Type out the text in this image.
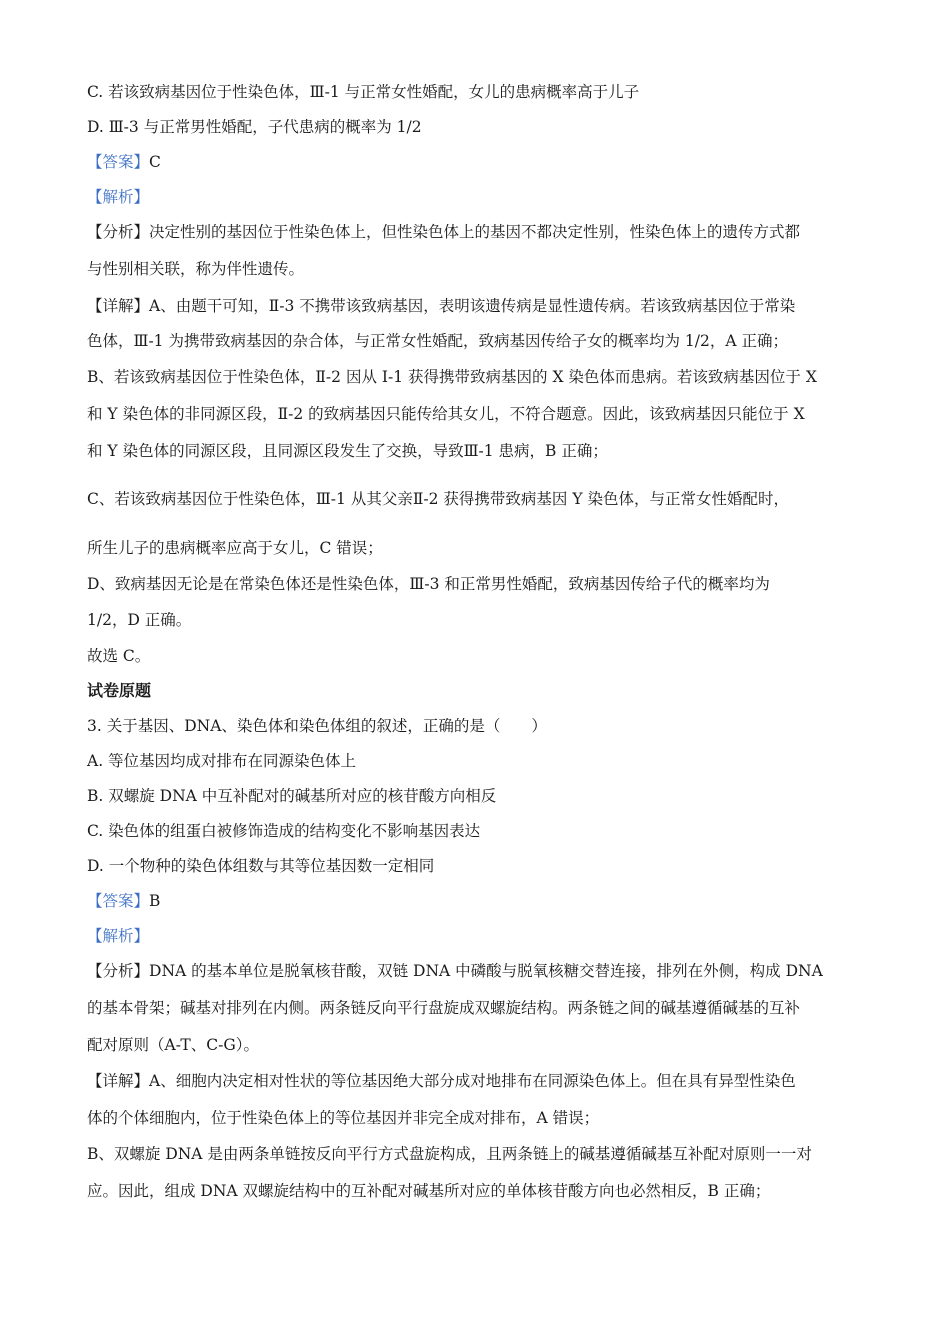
C. 若该致病基因位于性染色体，Ⅲ-1 与正常女性婚配，女儿的患病概率高于儿子
D. Ⅲ-3 与正常男性婚配，子代患病的概率为 1/2
【答案】C
【解析】
【分析】决定性别的基因位于性染色体上，但性染色体上的基因不都决定性别，性染色体上的遗传方式都
与性别相关联，称为伴性遗传。
【详解】A、由题干可知，Ⅱ-3 不携带该致病基因，表明该遗传病是显性遗传病。若该致病基因位于常染
色体，Ⅲ-1 为携带致病基因的杂合体，与正常女性婚配，致病基因传给子女的概率均为 1/2，A 正确；
B、若该致病基因位于性染色体，Ⅱ-2 因从 Ⅰ-1 获得携带致病基因的 X 染色体而患病。若该致病基因位于 X
和 Y 染色体的非同源区段，Ⅱ-2 的致病基因只能传给其女儿，不符合题意。因此，该致病基因只能位于 X
和 Y 染色体的同源区段，且同源区段发生了交换，导致Ⅲ-1 患病，B 正确；
C、若该致病基因位于性染色体，Ⅲ-1 从其父亲Ⅱ-2 获得携带致病基因 Y 染色体，与正常女性婚配时，
所生儿子的患病概率应高于女儿，C 错误；
D、致病基因无论是在常染色体还是性染色体，Ⅲ-3 和正常男性婚配，致病基因传给子代的概率均为
1/2，D 正确。
故选 C。
试卷原题
3. 关于基因、DNA、染色体和染色体组的叙述，正确的是（　　）
A. 等位基因均成对排布在同源染色体上
B. 双螺旋 DNA 中互补配对的碱基所对应的核苷酸方向相反
C. 染色体的组蛋白被修饰造成的结构变化不影响基因表达
D. 一个物种的染色体组数与其等位基因数一定相同
【答案】B
【解析】
【分析】DNA 的基本单位是脱氧核苷酸，双链 DNA 中磷酸与脱氧核糖交替连接，排列在外侧，构成 DNA
的基本骨架；碱基对排列在内侧。两条链反向平行盘旋成双螺旋结构。两条链之间的碱基遵循碱基的互补
配对原则（A-T、C-G）。
【详解】A、细胞内决定相对性状的等位基因绝大部分成对地排布在同源染色体上。但在具有异型性染色
体的个体细胞内，位于性染色体上的等位基因并非完全成对排布，A 错误；
B、双螺旋 DNA 是由两条单链按反向平行方式盘旋构成，且两条链上的碱基遵循碱基互补配对原则一一对
应。因此，组成 DNA 双螺旋结构中的互补配对碱基所对应的单体核苷酸方向也必然相反，B 正确；
